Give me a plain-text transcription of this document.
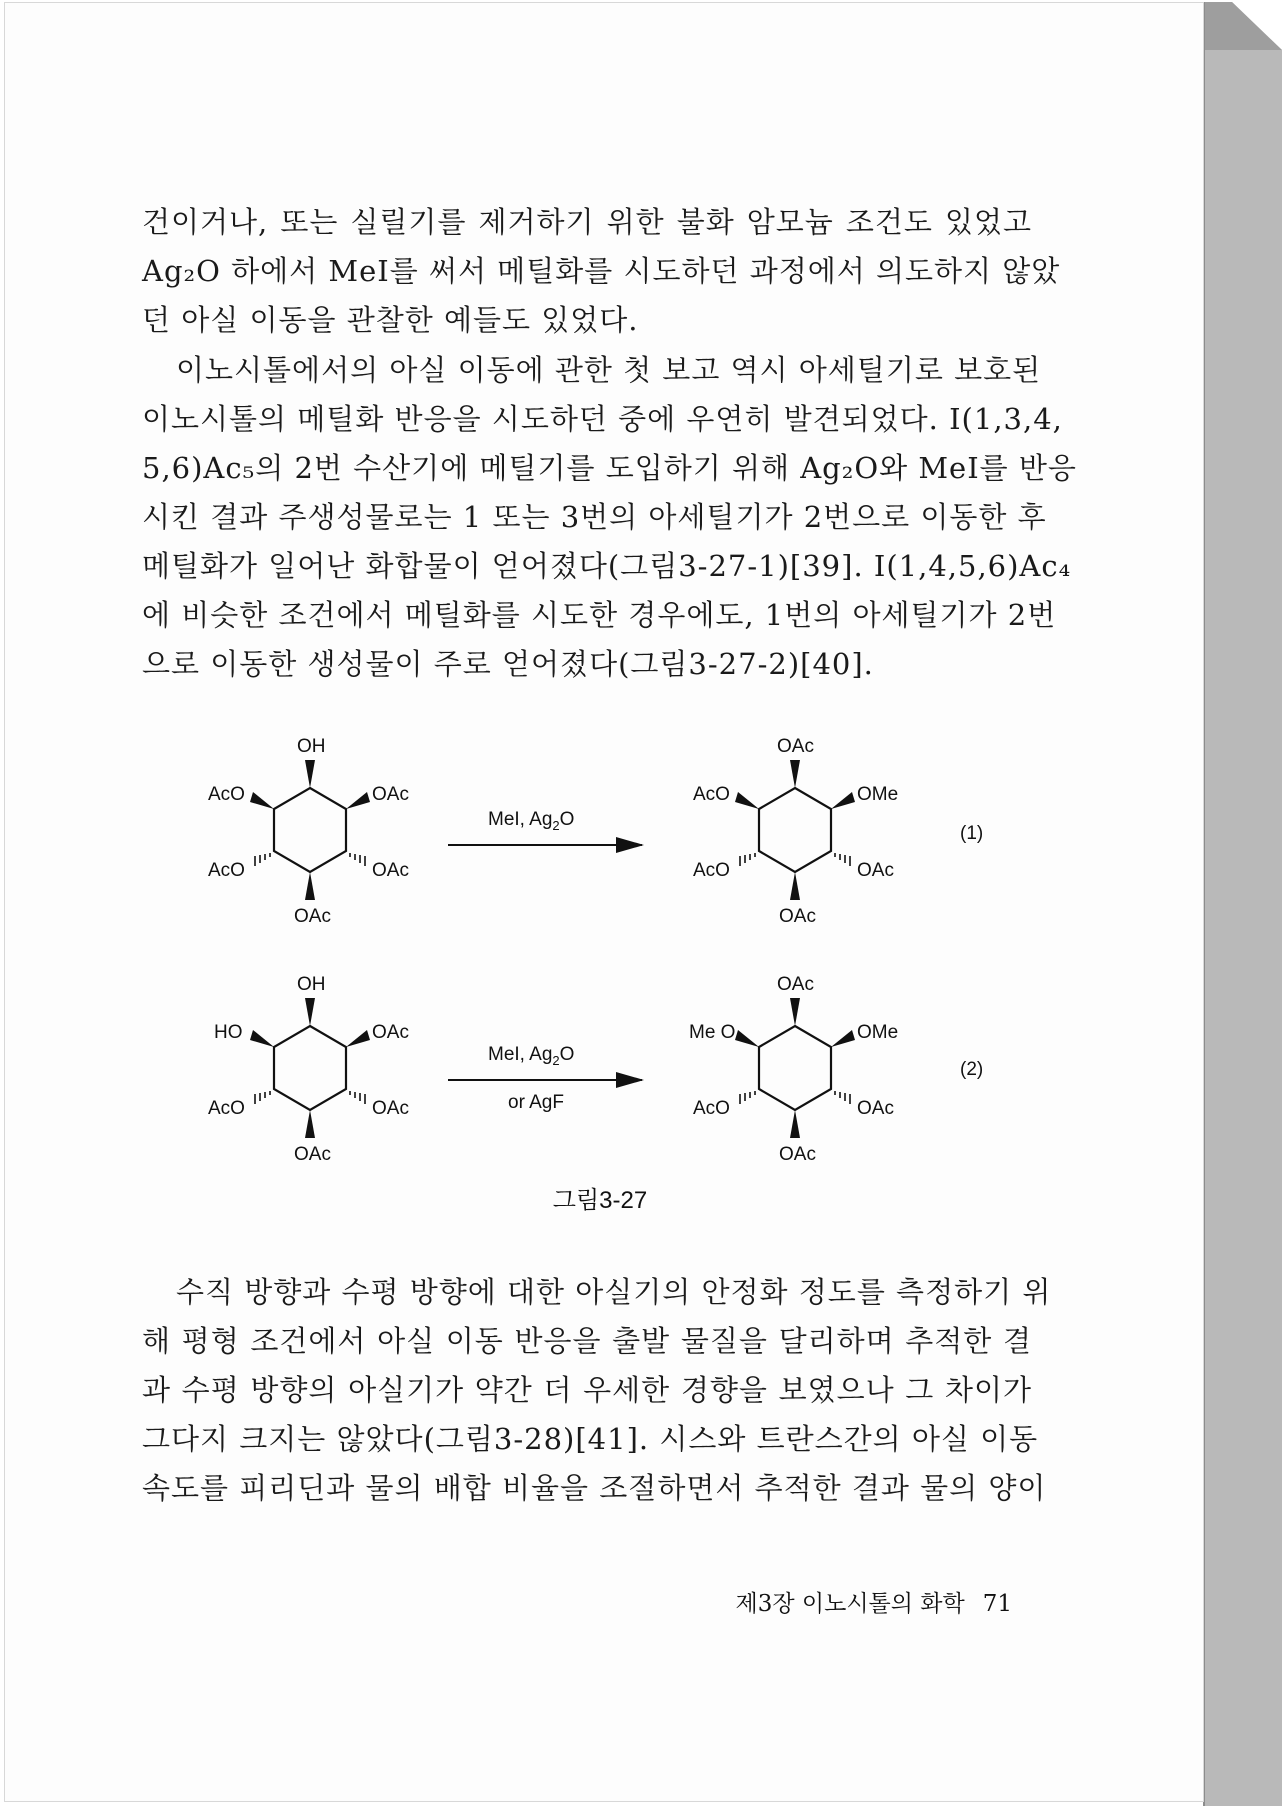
건이거나, 또는 실릴기를 제거하기 위한 불화 암모늄 조건도 있었고
Ag₂O 하에서 MeI를 써서 메틸화를 시도하던 과정에서 의도하지 않았
던 아실 이동을 관찰한 예들도 있었다.
이노시톨에서의 아실 이동에 관한 첫 보고 역시 아세틸기로 보호된
이노시톨의 메틸화 반응을 시도하던 중에 우연히 발견되었다. I(1,3,4,
5,6)Ac₅의 2번 수산기에 메틸기를 도입하기 위해 Ag₂O와 MeI를 반응
시킨 결과 주생성물로는 1 또는 3번의 아세틸기가 2번으로 이동한 후
메틸화가 일어난 화합물이 얻어졌다(그림3-27-1)[39]. I(1,4,5,6)Ac₄
에 비슷한 조건에서 메틸화를 시도한 경우에도, 1번의 아세틸기가 2번
으로 이동한 생성물이 주로 얻어졌다(그림3-27-2)[40].
OH
AcO	OAc
AcO	OAc
OAc
MeI, $Ag_2O$
OAc
AcO	OMe
AcO	OAc
OAc
(1)
OH
HO	OAc
AcO	OAc
OAc
MeI, $Ag_2O$
or AgF
OAc
Me O	OMe
AcO	OAc
OAc
(2)
그림3-27
수직 방향과 수평 방향에 대한 아실기의 안정화 정도를 측정하기 위
해 평형 조건에서 아실 이동 반응을 출발 물질을 달리하며 추적한 결
과 수평 방향의 아실기가 약간 더 우세한 경향을 보였으나 그 차이가
그다지 크지는 않았다(그림3-28)[41]. 시스와 트란스간의 아실 이동
속도를 피리딘과 물의 배합 비율을 조절하면서 추적한 결과 물의 양이
제3장 이노시톨의 화학 71
